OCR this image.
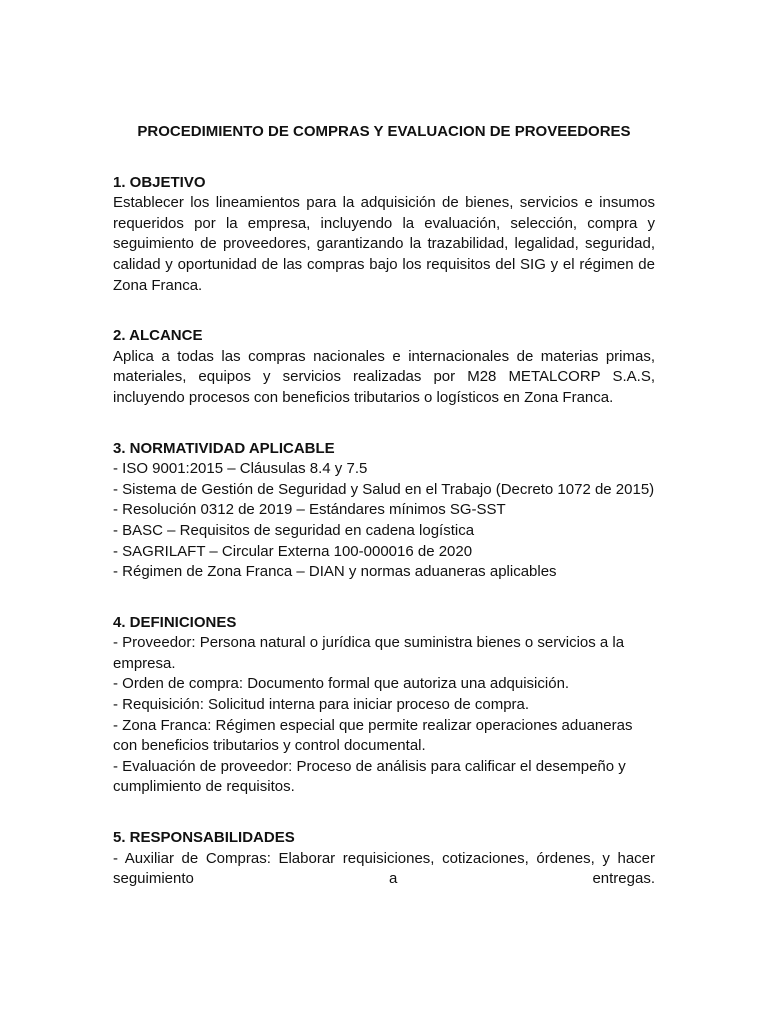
PROCEDIMIENTO DE COMPRAS Y EVALUACION DE PROVEEDORES
1. OBJETIVO

Establecer los lineamientos para la adquisición de bienes, servicios e insumos requeridos por la empresa, incluyendo la evaluación, selección, compra y seguimiento de proveedores, garantizando la trazabilidad, legalidad, seguridad, calidad y oportunidad de las compras bajo los requisitos del SIG y el régimen de Zona Franca.

2. ALCANCE

Aplica a todas las compras nacionales e internacionales de materias primas, materiales, equipos y servicios realizadas por M28 METALCORP S.A.S, incluyendo procesos con beneficios tributarios o logísticos en Zona Franca.

3. NORMATIVIDAD APLICABLE
- ISO 9001:2015 – Cláusulas 8.4 y 7.5
- Sistema de Gestión de Seguridad y Salud en el Trabajo (Decreto 1072 de 2015)
- Resolución 0312 de 2019 – Estándares mínimos SG-SST
- BASC – Requisitos de seguridad en cadena logística
- SAGRILAFT – Circular Externa 100-000016 de 2020
- Régimen de Zona Franca – DIAN y normas aduaneras aplicables
4. DEFINICIONES
- Proveedor: Persona natural o jurídica que suministra bienes o servicios a la empresa.
- Orden de compra: Documento formal que autoriza una adquisición.
- Requisición: Solicitud interna para iniciar proceso de compra.
- Zona Franca: Régimen especial que permite realizar operaciones aduaneras con beneficios tributarios y control documental.
- Evaluación de proveedor: Proceso de análisis para calificar el desempeño y cumplimiento de requisitos.
5. RESPONSABILIDADES
- Auxiliar de Compras: Elaborar requisiciones, cotizaciones, órdenes, y hacer seguimiento a entregas.
